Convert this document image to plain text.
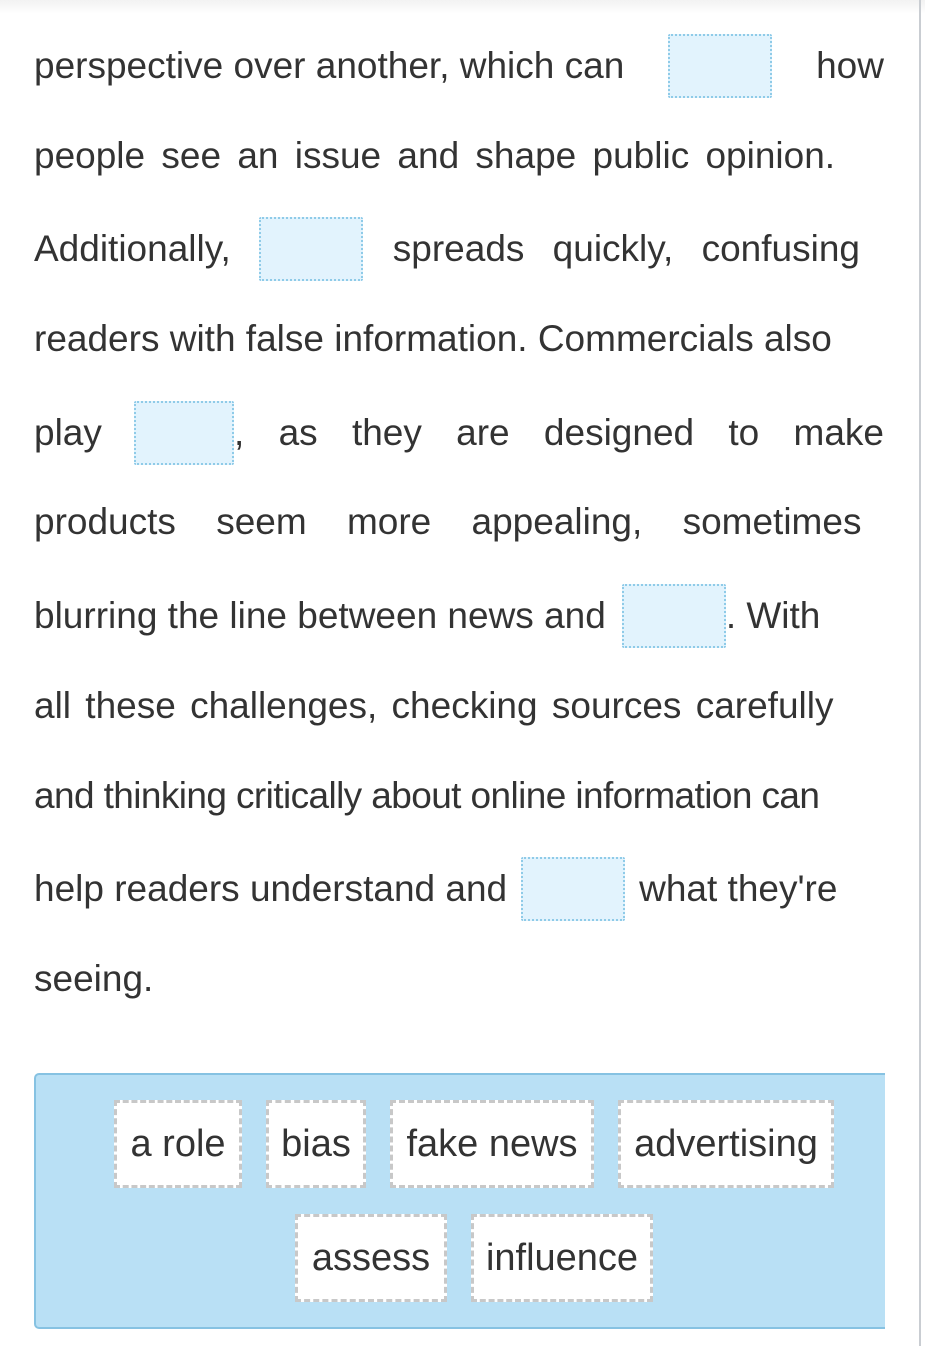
perspective over another, which can	how
people see an issue and shape public opinion.
Additionally,	spreads quickly, confusing
readers with false information. Commercials also
play	, as they are designed to make
products seem more appealing, sometimes
blurring the line between news and	. With
all these challenges, checking sources carefully
and thinking critically about online information can
help readers understand and	what they're
seeing.
a role	bias	fake news	advertising
assess	influence
